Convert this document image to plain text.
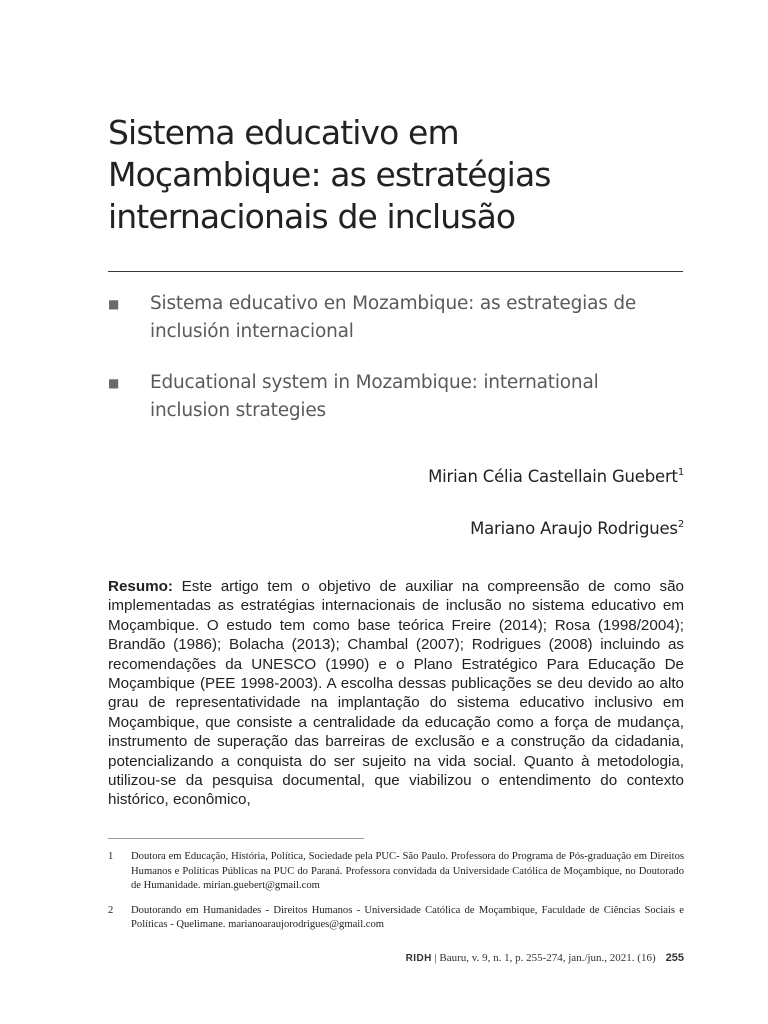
Sistema educativo em
Moçambique: as estratégias
internacionais de inclusão
■ Sistema educativo en Mozambique: as estrategias de
inclusión internacional
■ Educational system in Mozambique: international
inclusion strategies

Mirian Célia Castellain Guebert$^1$

Mariano Araujo Rodrigues$^2$

Resumo: Este artigo tem o objetivo de auxiliar na compreensão de como são implementadas as estratégias internacionais de inclusão no sistema educativo em Moçambique. O estudo tem como base teórica Freire (2014); Rosa (1998/2004); Brandão (1986); Bolacha (2013); Chambal (2007); Rodrigues (2008) incluindo as recomendações da UNESCO (1990) e o Plano Estratégico Para Educação De Moçambique (PEE 1998-2003). A escolha dessas publicações se deu devido ao alto grau de representatividade na implantação do sistema educativo inclusivo em Moçambique, que consiste a centralidade da educação como a força de mudança, instrumento de superação das barreiras de exclusão e a construção da cidadania, potencializando a conquista do ser sujeito na vida social. Quanto à metodologia, utilizou-se da pesquisa documental, que viabilizou o entendimento do contexto histórico, econômico,

1 Doutora em Educação, História, Política, Sociedade pela PUC- São Paulo. Professora do Programa de Pós-graduação em Direitos Humanos e Políticas Públicas na PUC do Paraná. Professora convidada da Universidade Católica de Moçambique, no Doutorado de Humanidade. mirian.guebert@gmail.com
2 Doutorando em Humanidades - Direitos Humanos - Universidade Católica de Moçambique, Faculdade de Ciências Sociais e Políticas - Quelimane. marianoaraujorodrigues@gmail.com
RIDH | Bauru, v. 9, n. 1, p. 255-274, jan./jun., 2021. (16) 255
